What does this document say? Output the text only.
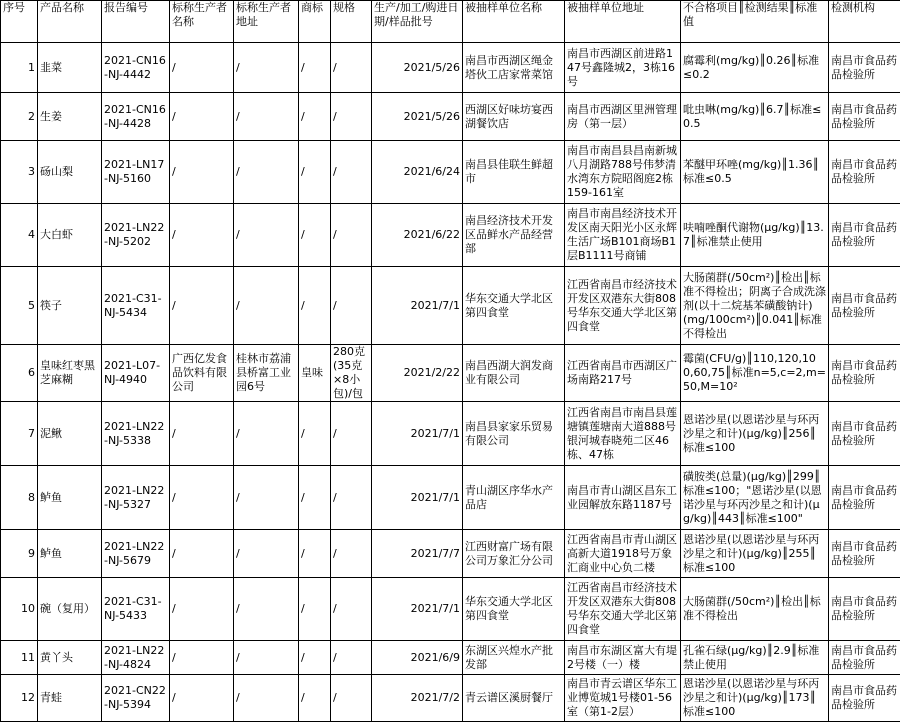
序号	产品名称	报告编号	标称生产者名称	标称生产者地址	商标	规格	生产/加工/购进日期/样品批号	被抽样单位名称	被抽样单位地址	不合格项目║检测结果║标准值	检测机构
1	韭菜	2021-CN16-NJ-4442	/	/	/	/	2021/5/26	南昌市西湖区绳金塔伙工店家常菜馆	南昌市西湖区前进路147号鑫隆城2，3栋16号	腐霉利(mg/kg)║0.26║标准≤0.2	南昌市食品药品检验所
2	生姜	2021-CN16-NJ-4428	/	/	/	/	2021/5/26	西湖区好味坊宴西湖餐饮店	南昌市西湖区里洲管理房（第一层）	吡虫啉(mg/kg)║6.7║标准≤0.5	南昌市食品药品检验所
3	砀山梨	2021-LN17-NJ-5160	/	/	/	/	2021/6/24	南昌县佳联生鲜超市	南昌市南昌县昌南新城八月湖路788号伟梦清水湾东方院昭阁庭2栋159-161室	苯醚甲环唑(mg/kg)║1.36║标准≤0.5	南昌市食品药品检验所
4	大白虾	2021-LN22-NJ-5202	/	/	/	/	2021/6/22	南昌经济技术开发区品鲜水产品经营部	南昌市南昌经济技术开发区南天阳光小区永辉生活广场B101商场B1层B1111号商铺	呋喃唑酮代谢物(μg/kg)║13.7║标准禁止使用	南昌市食品药品检验所
5	筷子	2021-C31-NJ-5434	/	/	/	/	2021/7/1	华东交通大学北区第四食堂	江西省南昌市经济技术开发区双港东大街808号华东交通大学北区第四食堂	大肠菌群(/50cm²)║检出║标准不得检出；阴离子合成洗涤剂(以十二烷基苯磺酸钠计)(mg/100cm²)║0.041║标准不得检出	南昌市食品药品检验所
6	皇味红枣黑芝麻糊	2021-L07-NJ-4940	广西亿发食品饮料有限公司	桂林市荔浦县桥富工业园6号	皇味	280克(35克×8小包)/包	2021/2/22	南昌西湖大润发商业有限公司	江西省南昌市西湖区广场南路217号	霉菌(CFU/g)║110,120,100,60,75║标准n=5,c=2,m=50,M=10²	南昌市食品药品检验所
7	泥鳅	2021-LN22-NJ-5338	/	/	/	/	2021/7/1	南昌县家家乐贸易有限公司	江西省南昌市南昌县莲塘镇莲塘南大道888号银河城春晓苑二区46栋、47栋	恩诺沙星(以恩诺沙星与环丙沙星之和计)(μg/kg)║256║标准≤100	南昌市食品药品检验所
8	鲈鱼	2021-LN22-NJ-5327	/	/	/	/	2021/7/1	青山湖区序华水产品店	南昌市青山湖区昌东工业园解放东路1187号	磺胺类(总量)(μg/kg)║299║标准≤100；"恩诺沙星(以恩诺沙星与环丙沙星之和计)(μg/kg)║443║标准≤100"	南昌市食品药品检验所
9	鲈鱼	2021-LN22-NJ-5679	/	/	/	/	2021/7/7	江西财富广场有限公司万象汇分公司	江西省南昌市青山湖区高新大道1918号万象汇商业中心负二楼	恩诺沙星(以恩诺沙星与环丙沙星之和计)(μg/kg)║255║标准≤100	南昌市食品药品检验所
10	碗（复用）	2021-C31-NJ-5433	/	/	/	/	2021/7/1	华东交通大学北区第四食堂	江西省南昌市经济技术开发区双港东大街808号华东交通大学北区第四食堂	大肠菌群(/50cm²)║检出║标准不得检出	南昌市食品药品检验所
11	黄丫头	2021-LN22-NJ-4824	/	/	/	/	2021/6/9	东湖区兴煌水产批发部	南昌市东湖区富大有堤2号楼（一）楼	孔雀石绿(μg/kg)║2.9║标准禁止使用	南昌市食品药品检验所
12	青蛙	2021-CN22-NJ-5394	/	/	/	/	2021/7/2	青云谱区溪厨餐厅	南昌市青云谱区华东工业博览城1号楼01-56室（第1-2层）	恩诺沙星(以恩诺沙星与环丙沙星之和计)(μg/kg)║173║标准≤100	南昌市食品药品检验所
